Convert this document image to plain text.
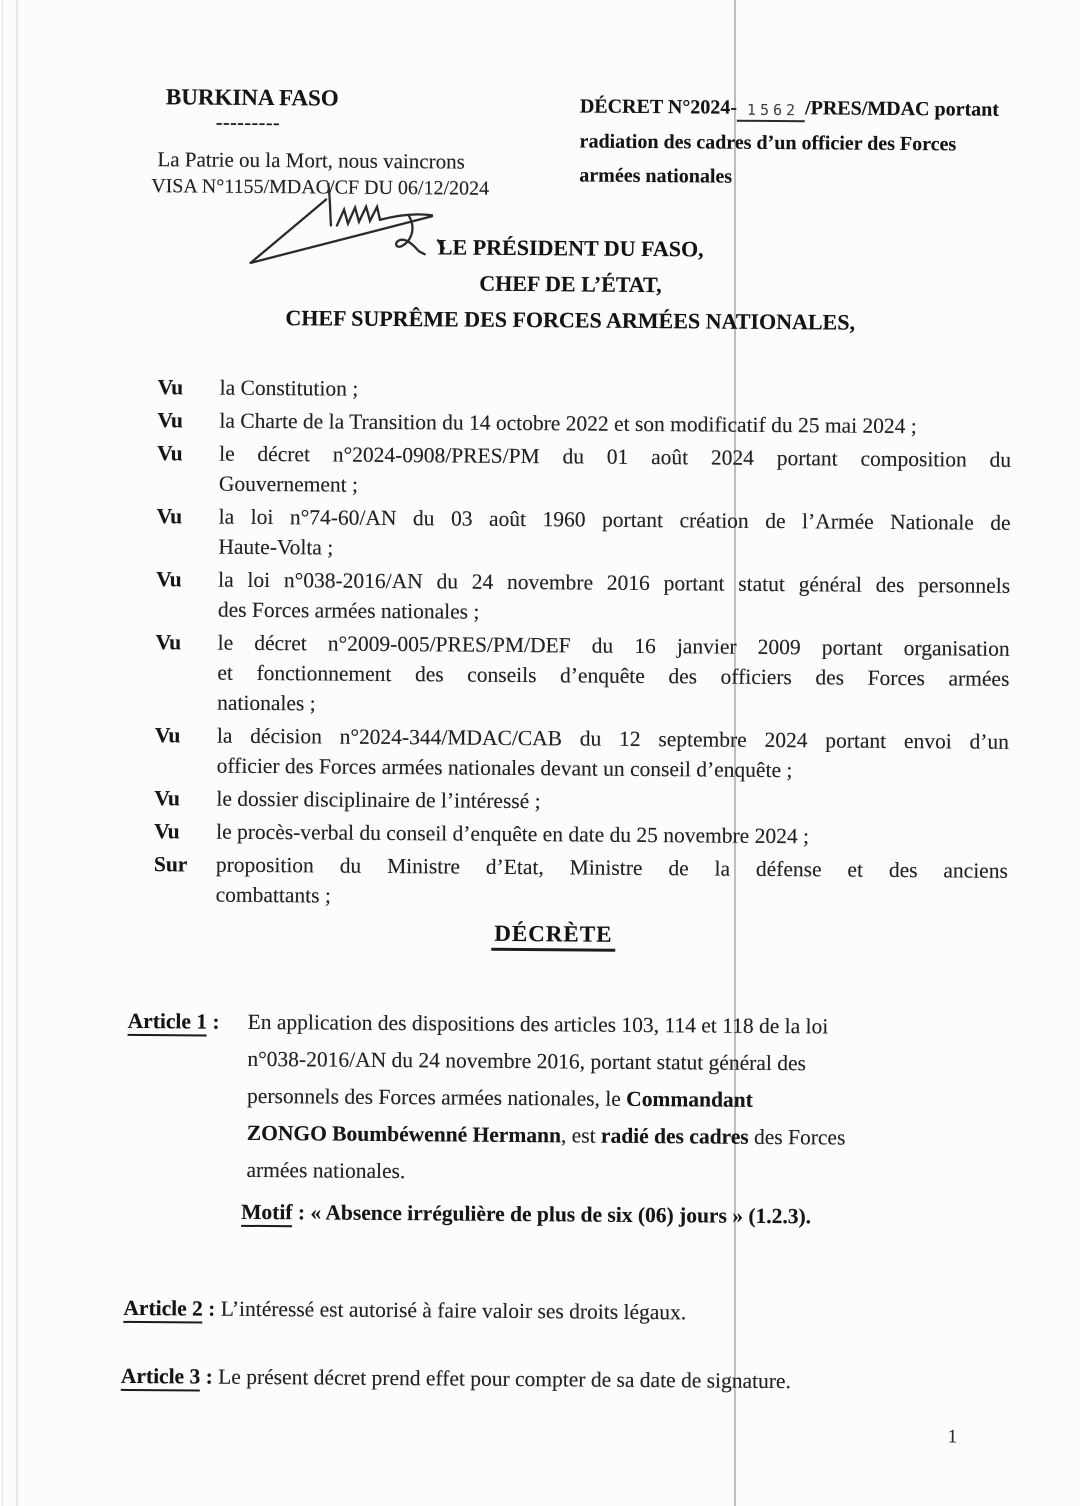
BURKINA FASO
---------
La Patrie ou la Mort, nous vaincrons
VISA N°1155/MDAC/CF DU 06/12/2024
DÉCRET N°2024- 1562 /PRES/MDAC portant
radiation des cadres d’un officier des Forces
armées nationales
LE PRÉSIDENT DU FASO,
CHEF DE L’ÉTAT,
CHEF SUPRÊME DES FORCES ARMÉES NATIONALES,
Vu	la Constitution ;
Vu	la Charte de la Transition du 14 octobre 2022 et son modificatif du 25 mai 2024 ;
Vu	le décret n°2024-0908/PRES/PM du 01 août 2024 portant composition du
Gouvernement ;
Vu	la loi n°74-60/AN du 03 août 1960 portant création de l’Armée Nationale de
Haute-Volta ;
Vu	la loi n°038-2016/AN du 24 novembre 2016 portant statut général des personnels
des Forces armées nationales ;
Vu	le décret n°2009-005/PRES/PM/DEF du 16 janvier 2009 portant organisation
et fonctionnement des conseils d’enquête des officiers des Forces armées
nationales ;
Vu	la décision n°2024-344/MDAC/CAB du 12 septembre 2024 portant envoi d’un
officier des Forces armées nationales devant un conseil d’enquête ;
Vu	le dossier disciplinaire de l’intéressé ;
Vu	le procès-verbal du conseil d’enquête en date du 25 novembre 2024 ;
Sur	proposition du Ministre d’Etat, Ministre de la défense et des anciens
combattants ;
DÉCRÈTE
Article 1 : En application des dispositions des articles 103, 114 et 118 de la loi
n°038-2016/AN du 24 novembre 2016, portant statut général des
personnels des Forces armées nationales, le Commandant
ZONGO Boumbéwenné Hermann, est radié des cadres des Forces
armées nationales.
Motif : « Absence irrégulière de plus de six (06) jours » (1.2.3).
Article 2 : L’intéressé est autorisé à faire valoir ses droits légaux.
Article 3 : Le présent décret prend effet pour compter de sa date de signature.
1
